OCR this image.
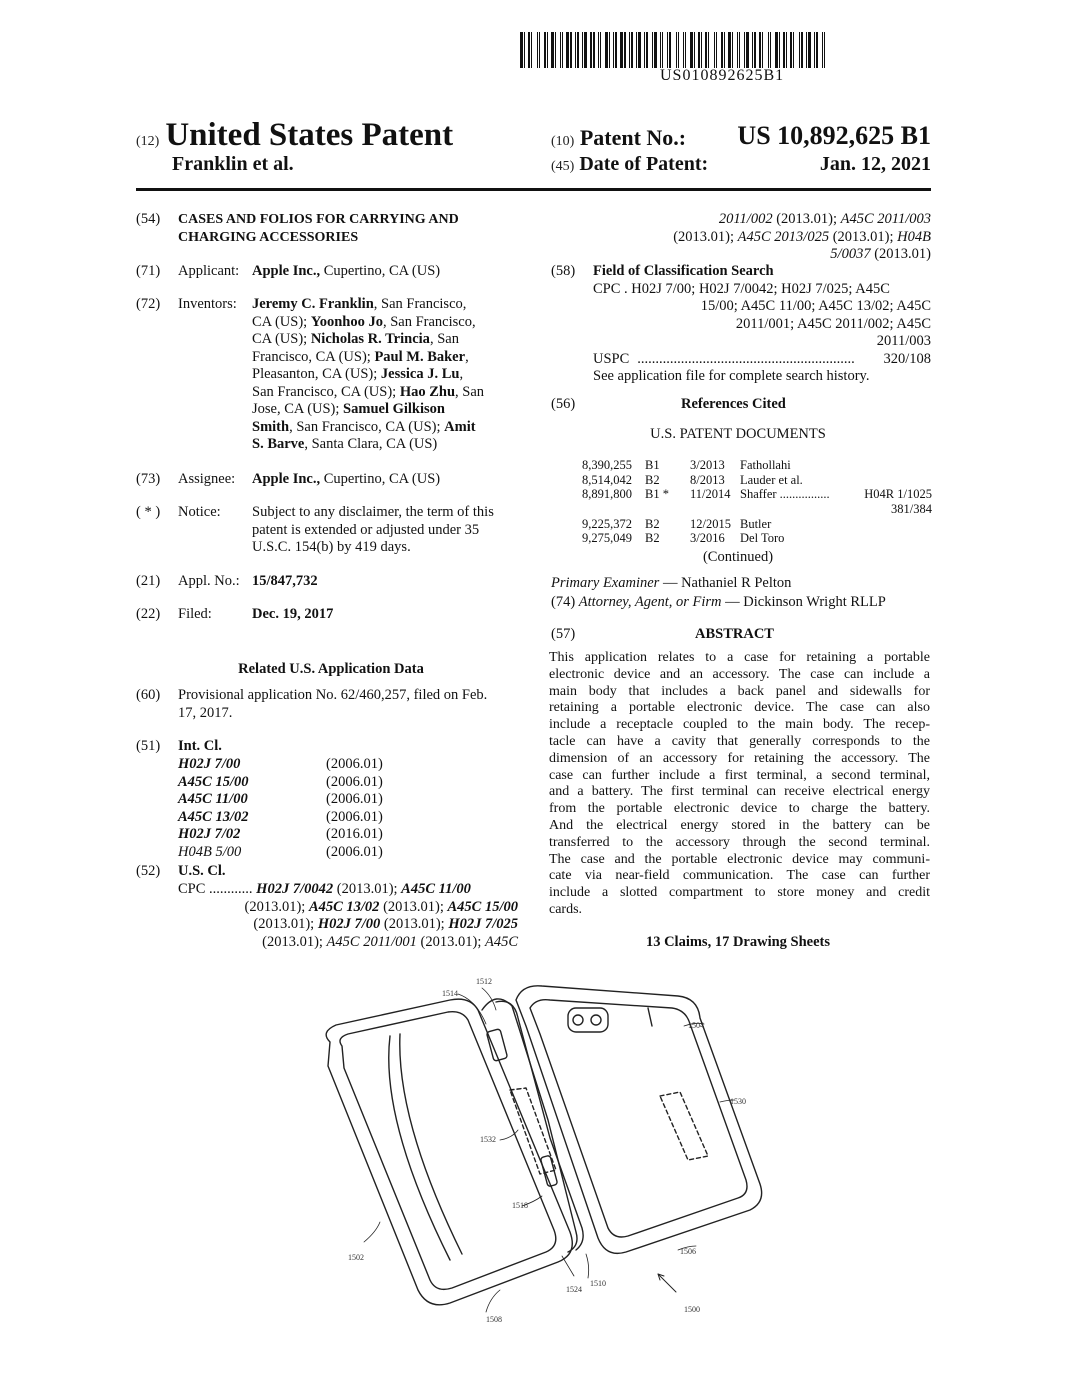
US010892625B1
(12) United States Patent
Franklin et al.
(10) Patent No.: US 10,892,625 B1
(45) Date of Patent:	Jan. 12, 2021
(54)	CASES AND FOLIOS FOR CARRYING AND
CHARGING ACCESSORIES
(71)	Applicant: Apple Inc., Cupertino, CA (US)
(72)	Inventors: Jeremy C. Franklin, San Francisco,
CA (US); Yoonhoo Jo, San Francisco,
CA (US); Nicholas R. Trincia, San
Francisco, CA (US); Paul M. Baker,
Pleasanton, CA (US); Jessica J. Lu,
San Francisco, CA (US); Hao Zhu, San
Jose, CA (US); Samuel Gilkison
Smith, San Francisco, CA (US); Amit
S. Barve, Santa Clara, CA (US)
(73)	Assignee: Apple Inc., Cupertino, CA (US)
( * )	Notice: Subject to any disclaimer, the term of this
patent is extended or adjusted under 35
U.S.C. 154(b) by 419 days.
(21)	Appl. No.: 15/847,732
(22)	Filed:	Dec. 19, 2017
Related U.S. Application Data
(60)	Provisional application No. 62/460,257, filed on Feb.
17, 2017.
(51)	Int. Cl.
H02J 7/00	(2006.01)
A45C 15/00	(2006.01)
A45C 11/00	(2006.01)
A45C 13/02	(2006.01)
H02J 7/02	(2016.01)
H04B 5/00	(2006.01)
(52)	U.S. Cl.
CPC ............ H02J 7/0042 (2013.01); A45C 11/00
(2013.01); A45C 13/02 (2013.01); A45C 15/00
(2013.01); H02J 7/00 (2013.01); H02J 7/025
(2013.01); A45C 2011/001 (2013.01); A45C
2011/002 (2013.01); A45C 2011/003
(2013.01); A45C 2013/025 (2013.01); H04B
5/0037 (2013.01)
(58)	Field of Classification Search
CPC . H02J 7/00; H02J 7/0042; H02J 7/025; A45C
15/00; A45C 11/00; A45C 13/02; A45C
2011/001; A45C 2011/002; A45C
2011/003
USPC ............................................................	320/108
See application file for complete search history.
(56)	References Cited
U.S. PATENT DOCUMENTS
8,390,255 B1 3/2013 Fathollahi
8,514,042 B2 8/2013 Lauder et al.
8,891,800 B1 * 11/2014 Shaffer ................	H04R 1/1025
381/384
9,225,372 B2 12/2015 Butler
9,275,049 B2 3/2016 Del Toro
(Continued)
Primary Examiner — Nathaniel R Pelton
(74) Attorney, Agent, or Firm — Dickinson Wright RLLP
(57)	ABSTRACT
This application relates to a case for retaining a portable
electronic device and an accessory. The case can include a
main body that includes a back panel and sidewalls for
retaining a portable electronic device. The case can also
include a receptacle coupled to the main body. The recep-
tacle can have a cavity that generally corresponds to the
dimension of an accessory for retaining the accessory. The
case can further include a first terminal, a second terminal,
and a battery. The first terminal can receive electrical energy
from the portable electronic device to charge the battery.
And the electrical energy stored in the battery can be
transferred to the accessory through the second terminal.
The case and the portable electronic device may communi-
cate via near-field communication. The case can further
include a slotted compartment to store money and credit
cards.
13 Claims, 17 Drawing Sheets
1512
1514
1504
1530
1532
1518
1502
1506
1510
1524
1500
1508
